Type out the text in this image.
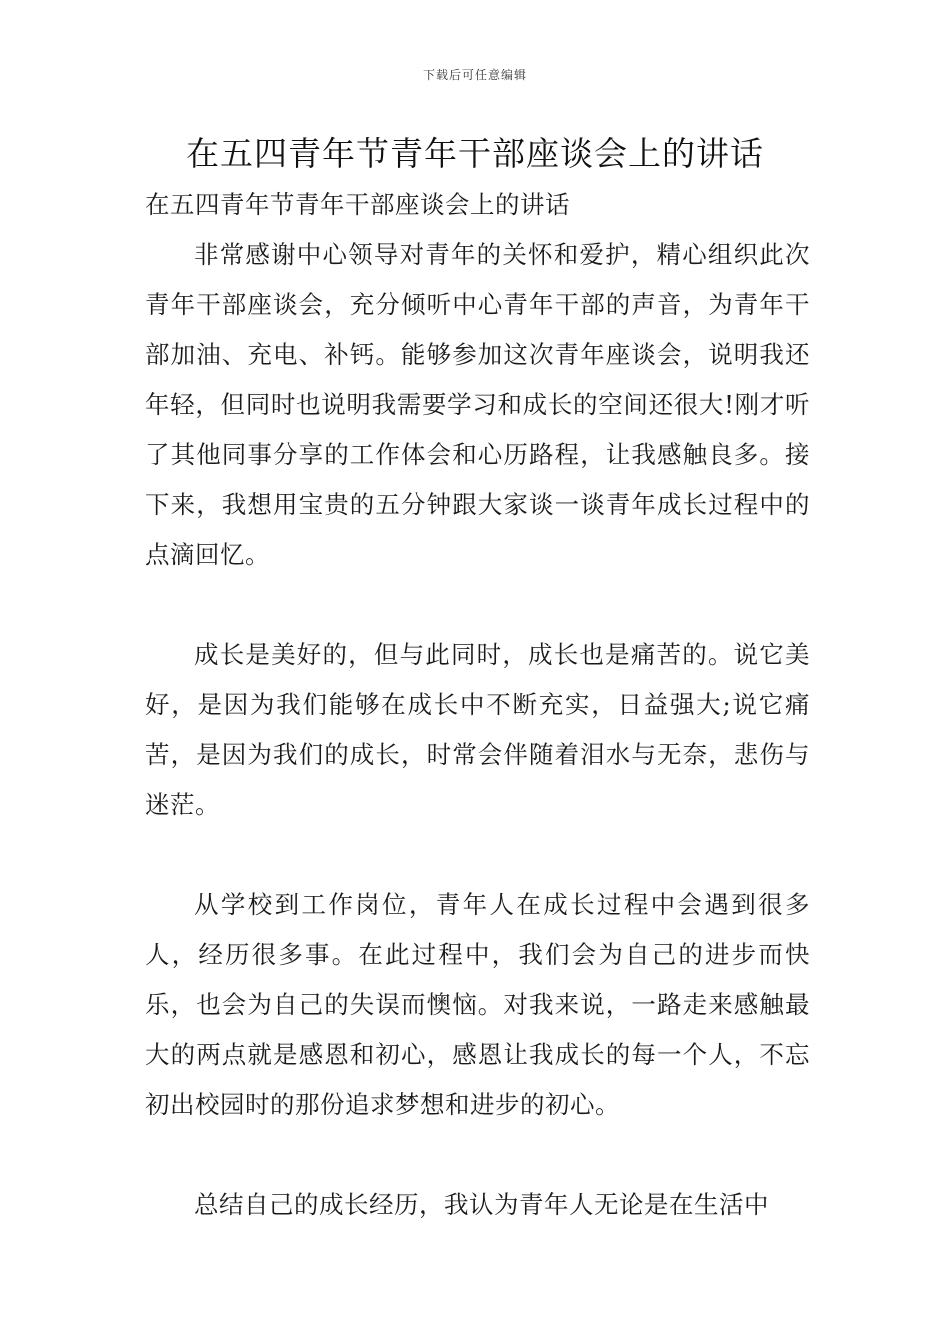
下载后可任意编辑
在五四青年节青年干部座谈会上的讲话

在五四青年节青年干部座谈会上的讲话

非常感谢中心领导对青年的关怀和爱护，精心组织此次青年干部座谈会，充分倾听中心青年干部的声音，为青年干部加油、充电、补钙。能够参加这次青年座谈会，说明我还年轻，但同时也说明我需要学习和成长的空间还很大!刚才听了其他同事分享的工作体会和心历路程，让我感触良多。接下来，我想用宝贵的五分钟跟大家谈一谈青年成长过程中的点滴回忆。

成长是美好的，但与此同时，成长也是痛苦的。说它美好，是因为我们能够在成长中不断充实，日益强大;说它痛苦，是因为我们的成长，时常会伴随着泪水与无奈，悲伤与迷茫。

从学校到工作岗位，青年人在成长过程中会遇到很多人，经历很多事。在此过程中，我们会为自己的进步而快乐，也会为自己的失误而懊恼。对我来说，一路走来感触最大的两点就是感恩和初心，感恩让我成长的每一个人，不忘初出校园时的那份追求梦想和进步的初心。

总结自己的成长经历，我认为青年人无论是在生活中
